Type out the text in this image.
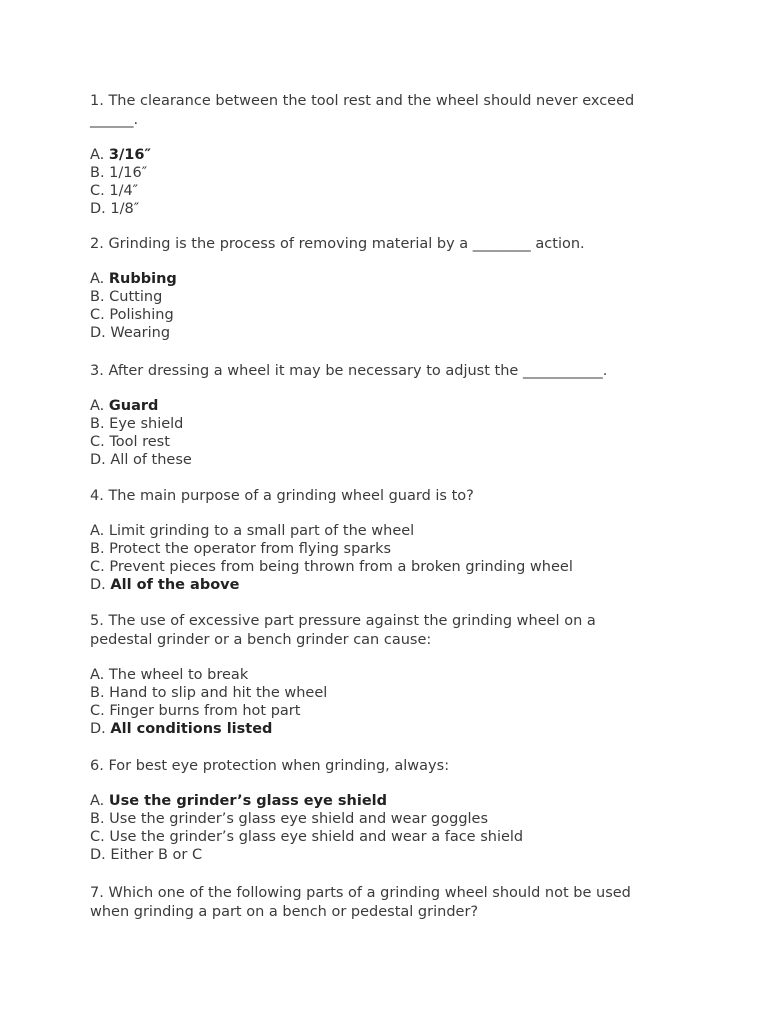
1. The clearance between the tool rest and the wheel should never exceed

______.

A. 3/16″

B. 1/16″

C. 1/4″

D. 1/8″

2. Grinding is the process of removing material by a ________ action.

A. Rubbing

B. Cutting

C. Polishing

D. Wearing

3. After dressing a wheel it may be necessary to adjust the ___________.

A. Guard

B. Eye shield

C. Tool rest

D. All of these

4. The main purpose of a grinding wheel guard is to?

A. Limit grinding to a small part of the wheel

B. Protect the operator from flying sparks

C. Prevent pieces from being thrown from a broken grinding wheel

D. All of the above

5. The use of excessive part pressure against the grinding wheel on a

pedestal grinder or a bench grinder can cause:

A. The wheel to break

B. Hand to slip and hit the wheel

C. Finger burns from hot part

D. All conditions listed

6. For best eye protection when grinding, always:

A. Use the grinder’s glass eye shield

B. Use the grinder’s glass eye shield and wear goggles

C. Use the grinder’s glass eye shield and wear a face shield

D. Either B or C

7. Which one of the following parts of a grinding wheel should not be used

when grinding a part on a bench or pedestal grinder?
